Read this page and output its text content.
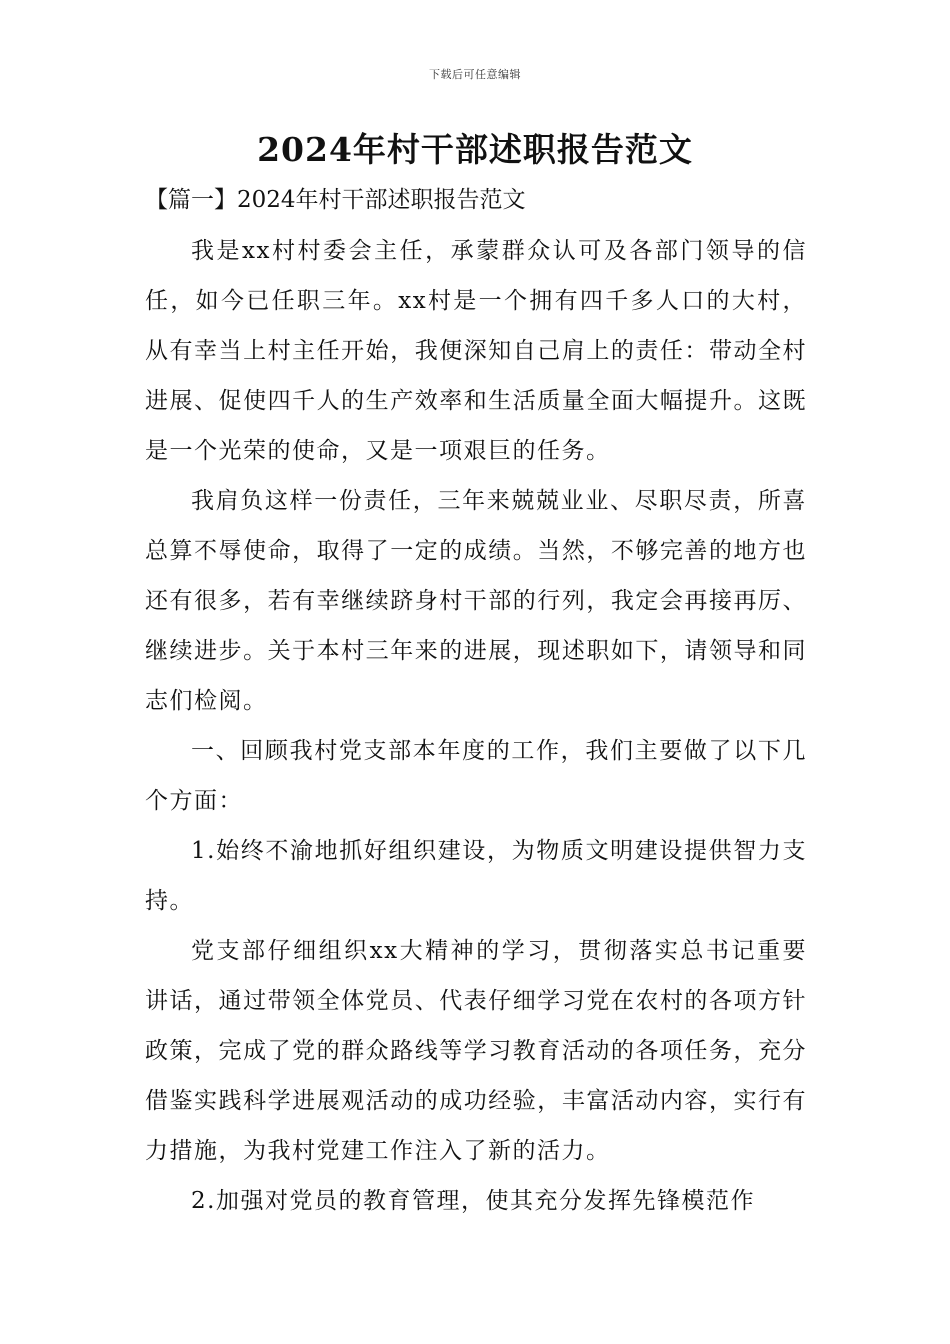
下载后可任意编辑
2024年村干部述职报告范文
【篇一】2024年村干部述职报告范文

我是xx村村委会主任，承蒙群众认可及各部门领导的信任，如今已任职三年。xx村是一个拥有四千多人口的大村，从有幸当上村主任开始，我便深知自己肩上的责任：带动全村进展、促使四千人的生产效率和生活质量全面大幅提升。这既是一个光荣的使命，又是一项艰巨的任务。

我肩负这样一份责任，三年来兢兢业业、尽职尽责，所喜总算不辱使命，取得了一定的成绩。当然，不够完善的地方也还有很多，若有幸继续跻身村干部的行列，我定会再接再厉、继续进步。关于本村三年来的进展，现述职如下，请领导和同志们检阅。

一、回顾我村党支部本年度的工作，我们主要做了以下几个方面：

1.始终不渝地抓好组织建设，为物质文明建设提供智力支持。

党支部仔细组织xx大精神的学习，贯彻落实总书记重要讲话，通过带领全体党员、代表仔细学习党在农村的各项方针政策，完成了党的群众路线等学习教育活动的各项任务，充分借鉴实践科学进展观活动的成功经验，丰富活动内容，实行有力措施，为我村党建工作注入了新的活力。

2.加强对党员的教育管理，使其充分发挥先锋模范作
